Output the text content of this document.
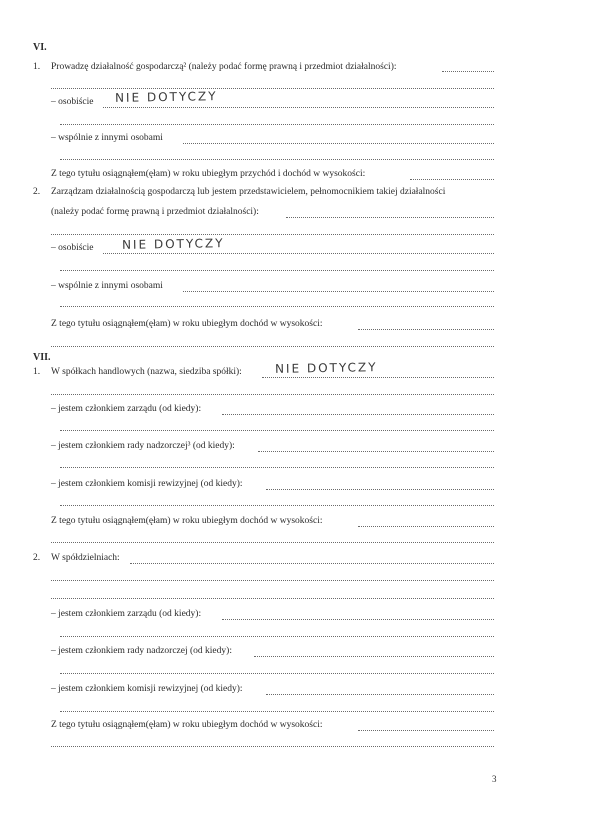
VI.
1. Prowadzę działalność gospodarczą² (należy podać formę prawną i przedmiot działalności):
– osobiście NIE DOTYCZY
– wspólnie z innymi osobami
Z tego tytułu osiągnąłem(ęłam) w roku ubiegłym przychód i dochód w wysokości:
2. Zarządzam działalnością gospodarczą lub jestem przedstawicielem, pełnomocnikiem takiej działalności
(należy podać formę prawną i przedmiot działalności):
– osobiście NIE DOTYCZY
– wspólnie z innymi osobami
Z tego tytułu osiągnąłem(ęłam) w roku ubiegłym dochód w wysokości:
VII.
1. W spółkach handlowych (nazwa, siedziba spółki):	NIE DOTYCZY
– jestem członkiem zarządu (od kiedy):
– jestem członkiem rady nadzorczej³ (od kiedy):
– jestem członkiem komisji rewizyjnej (od kiedy):
Z tego tytułu osiągnąłem(ęłam) w roku ubiegłym dochód w wysokości:
2. W spółdzielniach:
– jestem członkiem zarządu (od kiedy):
– jestem członkiem rady nadzorczej (od kiedy):
– jestem członkiem komisji rewizyjnej (od kiedy):
Z tego tytułu osiągnąłem(ęłam) w roku ubiegłym dochód w wysokości:
3
